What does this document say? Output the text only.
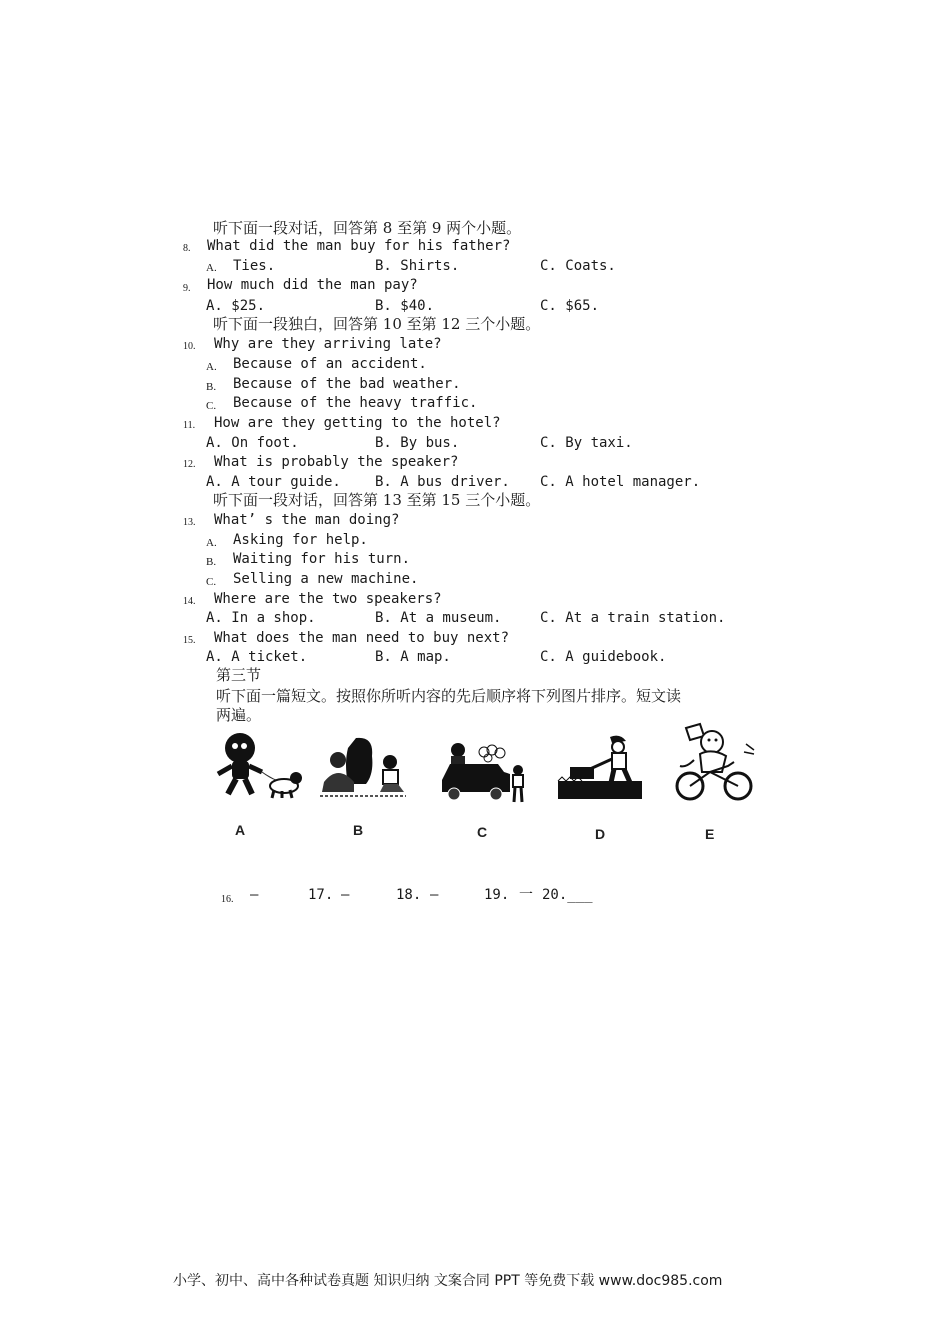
听下面一段对话，回答第 8 至第 9 两个小题。
8. What did the man buy for his father?
A. Ties.	B. Shirts.	C. Coats.
9. How much did the man pay?
A. $25.	B. $40.	C. $65.
听下面一段独白，回答第 10 至第 12 三个小题。
10. Why are they arriving late?
A. Because of an accident.
B. Because of the bad weather.
C. Because of the heavy traffic.
11. How are they getting to the hotel?
A. On foot.	B. By bus.	C. By taxi.
12. What is probably the speaker?
A. A tour guide. B. A bus driver. C. A hotel manager.
听下面一段对话，回答第 13 至第 15 三个小题。
13. What’ s the man doing?
A. Asking for help.
B. Waiting for his turn.
C. Selling a new machine.
14. Where are the two speakers?
A. In a shop.	B. At a museum.	C. At a train station.
15. What does the man need to buy next?
A. A ticket.	B. A map.	C. A guidebook.
第三节
听下面一篇短文。按照你所听内容的先后顺序将下列图片排序。短文读
两遍。
A	B	C	D	E
16. —	17. —	18. —	19. 一 20.___
小学、初中、高中各种试卷真题 知识归纳 文案合同 PPT 等免费下载 www.doc985.com
